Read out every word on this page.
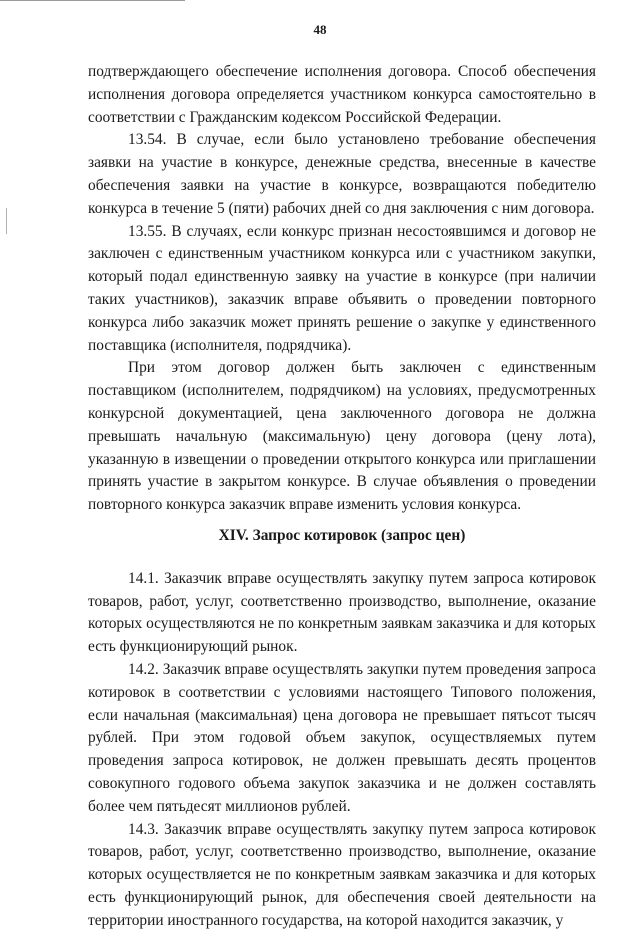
48

подтверждающего обеспечение исполнения договора. Способ обеспечения исполнения договора определяется участником конкурса самостоятельно в соответствии с Гражданским кодексом Российской Федерации.

13.54. В случае, если было установлено требование обеспечения заявки на участие в конкурсе, денежные средства, внесенные в качестве обеспечения заявки на участие в конкурсе, возвращаются победителю конкурса в течение 5 (пяти) рабочих дней со дня заключения с ним договора.

13.55. В случаях, если конкурс признан несостоявшимся и договор не заключен с единственным участником конкурса или с участником закупки, который подал единственную заявку на участие в конкурсе (при наличии таких участников), заказчик вправе объявить о проведении повторного конкурса либо заказчик может принять решение о закупке у единственного поставщика (исполнителя, подрядчика).

При этом договор должен быть заключен с единственным поставщиком (исполнителем, подрядчиком) на условиях, предусмотренных конкурсной документацией, цена заключенного договора не должна превышать начальную (максимальную) цену договора (цену лота), указанную в извещении о проведении открытого конкурса или приглашении принять участие в закрытом конкурсе. В случае объявления о проведении повторного конкурса заказчик вправе изменить условия конкурса.

XIV. Запрос котировок (запрос цен)

14.1. Заказчик вправе осуществлять закупку путем запроса котировок товаров, работ, услуг, соответственно производство, выполнение, оказание которых осуществляются не по конкретным заявкам заказчика и для которых есть функционирующий рынок.

14.2. Заказчик вправе осуществлять закупки путем проведения запроса котировок в соответствии с условиями настоящего Типового положения, если начальная (максимальная) цена договора не превышает пятьсот тысяч рублей. При этом годовой объем закупок, осуществляемых путем проведения запроса котировок, не должен превышать десять процентов совокупного годового объема закупок заказчика и не должен составлять более чем пятьдесят миллионов рублей.

14.3. Заказчик вправе осуществлять закупку путем запроса котировок товаров, работ, услуг, соответственно производство, выполнение, оказание которых осуществляется не по конкретным заявкам заказчика и для которых есть функционирующий рынок, для обеспечения своей деятельности на территории иностранного государства, на которой находится заказчик, у
